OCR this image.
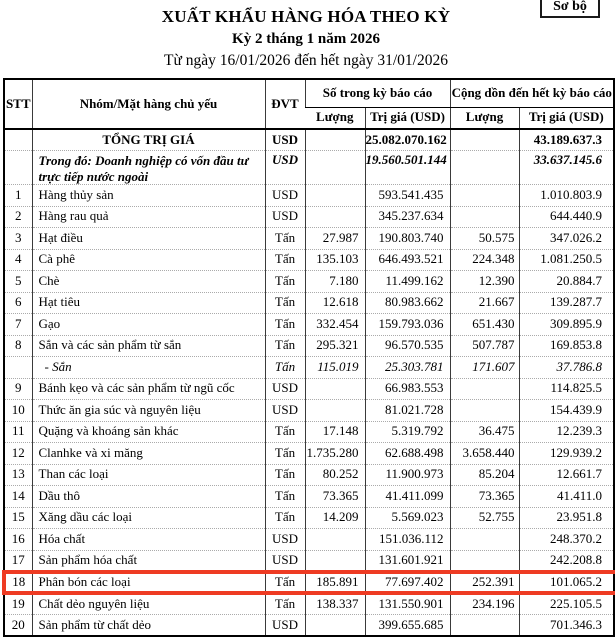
Sơ bộ
XUẤT KHẨU HÀNG HÓA THEO KỲ
Kỳ 2 tháng 1 năm 2026
Từ ngày 16/01/2026 đến hết ngày 31/01/2026
STT	Nhóm/Mặt hàng chủ yếu	ĐVT	Số trong kỳ báo cáo		Cộng dồn đến hết kỳ báo cáo	
			Lượng	Trị giá (USD)	Lượng	Trị giá (USD)
	TỔNG TRỊ GIÁ	USD		25.082.070.162		43.189.637.3
	Trong đó: Doanh nghiệp có vốn đầu tư trực tiếp nước ngoài	USD		19.560.501.144		33.637.145.6
1	Hàng thủy sản	USD		593.541.435		1.010.803.9
2	Hàng rau quả	USD		345.237.634		644.440.9
3	Hạt điều	Tấn	27.987	190.803.740	50.575	347.026.2
4	Cà phê	Tấn	135.103	646.493.521	224.348	1.081.250.5
5	Chè	Tấn	7.180	11.499.162	12.390	20.884.7
6	Hạt tiêu	Tấn	12.618	80.983.662	21.667	139.287.7
7	Gạo	Tấn	332.454	159.793.036	651.430	309.895.9
8	Sắn và các sản phẩm từ sắn	Tấn	295.321	96.570.535	507.787	169.853.8
	- Sắn	Tấn	115.019	25.303.781	171.607	37.786.8
9	Bánh kẹo và các sản phẩm từ ngũ cốc	USD		66.983.553		114.825.5
10	Thức ăn gia súc và nguyên liệu	USD		81.021.728		154.439.9
11	Quặng và khoáng sản khác	Tấn	17.148	5.319.792	36.475	12.239.3
12	Clanhke và xi măng	Tấn	1.735.280	62.688.498	3.658.440	129.939.2
13	Than các loại	Tấn	80.252	11.900.973	85.204	12.661.7
14	Dầu thô	Tấn	73.365	41.411.099	73.365	41.411.0
15	Xăng dầu các loại	Tấn	14.209	5.569.023	52.755	23.951.8
16	Hóa chất	USD		151.036.112		248.370.2
17	Sản phẩm hóa chất	USD		131.601.921		242.208.8
18	Phân bón các loại	Tấn	185.891	77.697.402	252.391	101.065.2
19	Chất dẻo nguyên liệu	Tấn	138.337	131.550.901	234.196	225.105.5
20	Sản phẩm từ chất dẻo	USD		399.655.685		701.346.3
